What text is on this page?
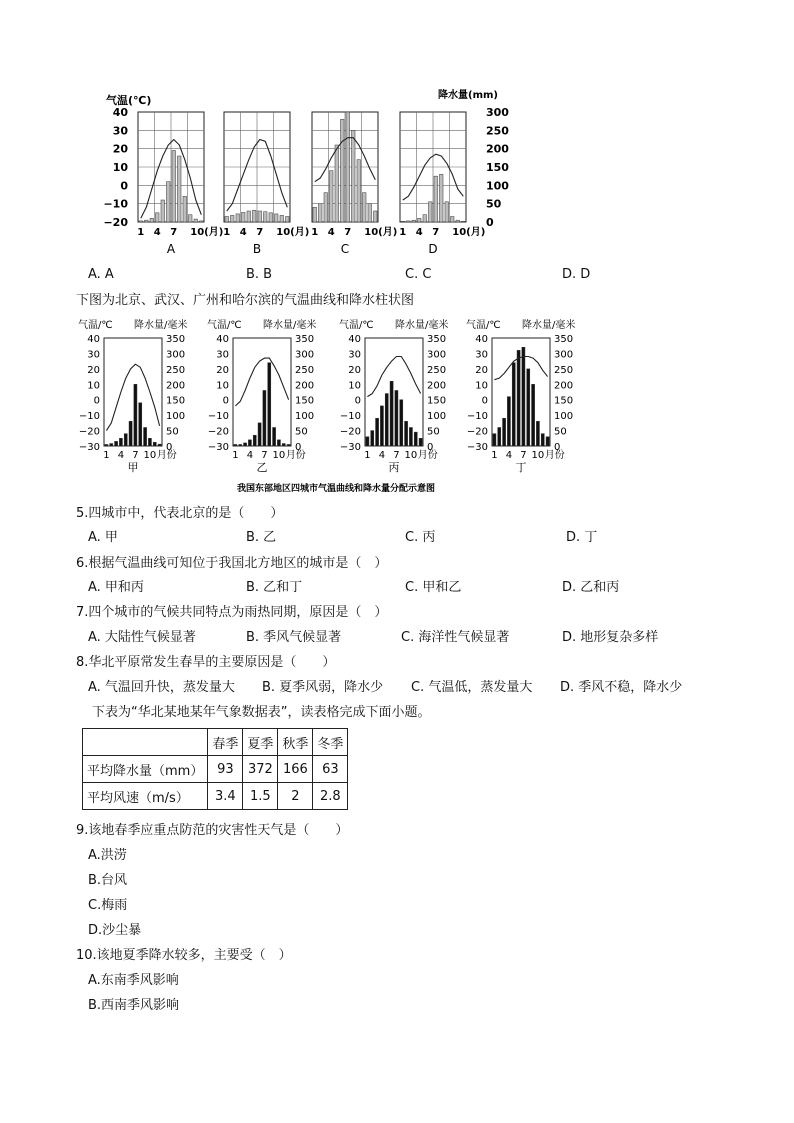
气温(℃)	降水量(mm)
40
30
20
10
0
−10
−20
300
250
200
150
100
50
0
1 4 7 10(月)
A
1 4 7 10(月)
B
1 4 7 10(月)
C
1 4 7 10(月)
D
A. A	B. B	C. C	D. D
下图为北京、武汉、广州和哈尔滨的气温曲线和降水柱状图
气温/℃ 降水量/毫米
40
30
20
10
0
−10
−20
−30
350
300
250
200
150
100
50
0
1 4 7 10 月份
甲
气温/℃ 降水量/毫米
40
30
20
10
0
−10
−20
−30
350
300
250
200
150
100
50
0
1 4 7 10 月份
乙
气温/℃ 降水量/毫米
40
30
20
10
0
−10
−20
−30
350
300
250
200
150
100
50
0
1 4 7 10 月份
丙
气温/℃ 降水量/毫米
40
30
20
10
0
−10
−20
−30
350
300
250
200
150
100
50
0
1 4 7 10 月份
丁
我国东部地区四城市气温曲线和降水量分配示意图
5.四城市中，代表北京的是（　　）
A. 甲	B. 乙	C. 丙	D. 丁
6.根据气温曲线可知位于我国北方地区的城市是（　）
A. 甲和丙	B. 乙和丁	C. 甲和乙	D. 乙和丙
7.四个城市的气候共同特点为雨热同期，原因是（　）
A. 大陆性气候显著	B. 季风气候显著	C. 海洋性气候显著	D. 地形复杂多样
8.华北平原常发生春旱的主要原因是（　　）
A. 气温回升快，蒸发量大 B. 夏季风弱，降水少 C. 气温低，蒸发量大 D. 季风不稳，降水少
下表为“华北某地某年气象数据表”，读表格完成下面小题。
	春季	夏季	秋季	冬季
平均降水量（mm）	93	372	166	63
平均风速（m/s）	3.4	1.5	2	2.8
9.该地春季应重点防范的灾害性天气是（　　）
A.洪涝
B.台风
C.梅雨
D.沙尘暴
10.该地夏季降水较多，主要受（　）
A.东南季风影响
B.西南季风影响
